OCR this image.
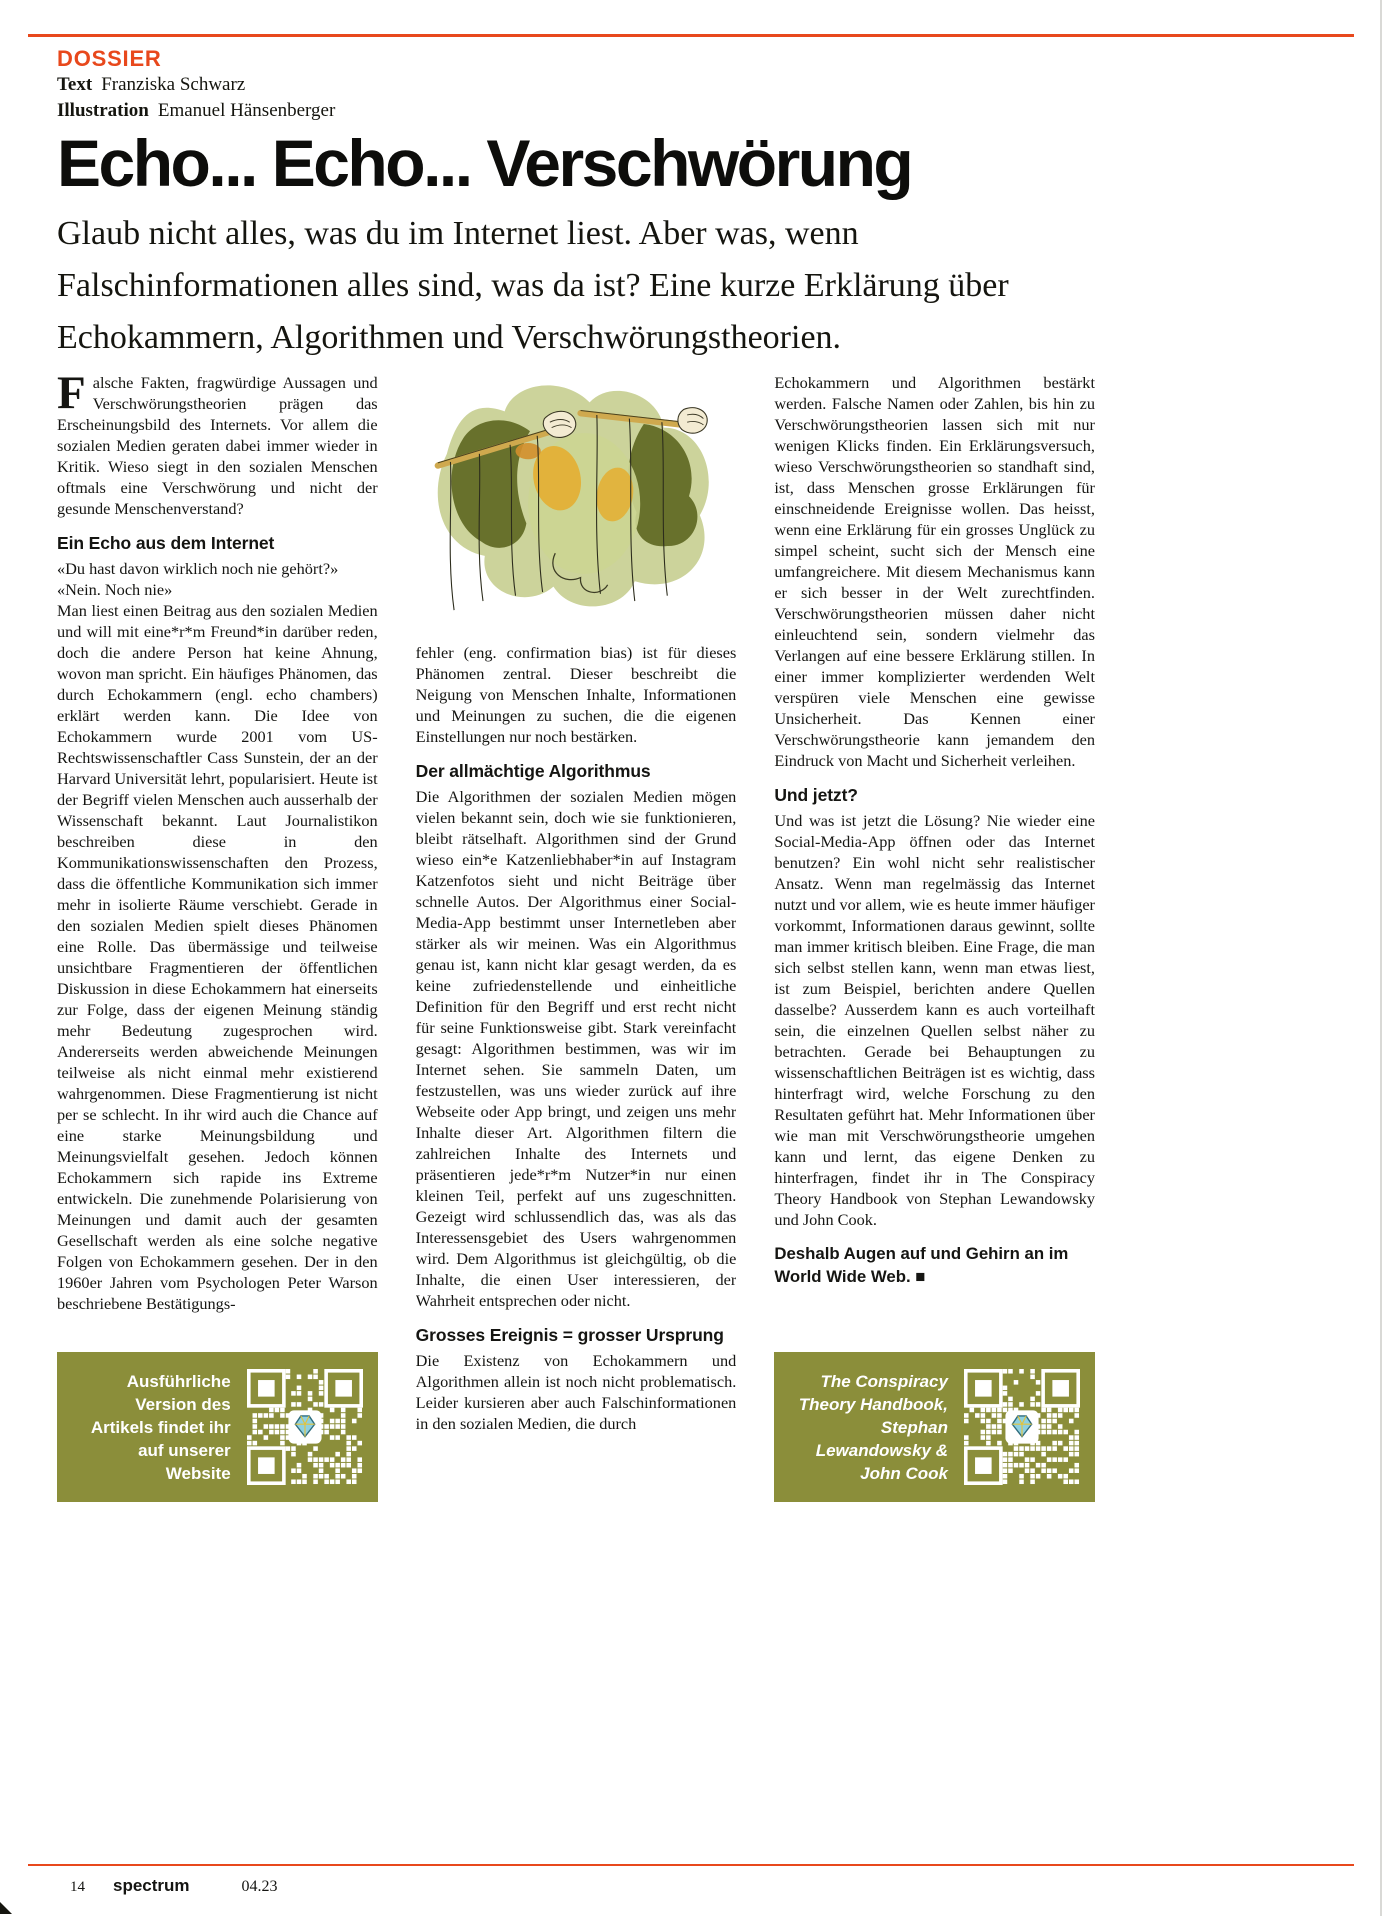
DOSSIER
Text Franziska Schwarz
Illustration Emanuel Hänsenberger
Echo... Echo... Verschwörung

Glaub nicht alles, was du im Internet liest. Aber was, wenn Falschinformationen alles sind, was da ist? Eine kurze Erklärung über Echokammern, Algorithmen und Verschwörungstheorien.

Falsche Fakten, fragwürdige Aussagen und Verschwörungstheorien prägen das Erscheinungsbild des Internets. Vor allem die sozialen Medien geraten dabei immer wieder in Kritik. Wieso siegt in den sozialen Menschen oftmals eine Verschwörung und nicht der gesunde Menschenverstand?

Ein Echo aus dem Internet

«Du hast davon wirklich noch nie gehört?»

«Nein. Noch nie»

Man liest einen Beitrag aus den sozialen Medien und will mit eine*r*m Freund*in darüber reden, doch die andere Person hat keine Ahnung, wovon man spricht. Ein häufiges Phänomen, das durch Echokammern (engl. echo chambers) erklärt werden kann. Die Idee von Echokammern wurde 2001 vom US-Rechtswissenschaftler Cass Sunstein, der an der Harvard Universität lehrt, popularisiert. Heute ist der Begriff vielen Menschen auch ausserhalb der Wissenschaft bekannt. Laut Journalistikon beschreiben diese in den Kommunikationswissenschaften den Prozess, dass die öffentliche Kommunikation sich immer mehr in isolierte Räume verschiebt. Gerade in den sozialen Medien spielt dieses Phänomen eine Rolle. Das übermässige und teilweise unsichtbare Fragmentieren der öffentlichen Diskussion in diese Echokammern hat einerseits zur Folge, dass der eigenen Meinung ständig mehr Bedeutung zugesprochen wird. Andererseits werden abweichende Meinungen teilweise als nicht einmal mehr existierend wahrgenommen. Diese Fragmentierung ist nicht per se schlecht. In ihr wird auch die Chance auf eine starke Meinungsbildung und Meinungsvielfalt gesehen. Jedoch können Echokammern sich rapide ins Extreme entwickeln. Die zunehmende Polarisierung von Meinungen und damit auch der gesamten Gesellschaft werden als eine solche negative Folgen von Echokammern gesehen. Der in den 1960er Jahren vom Psychologen Peter Warson beschriebene Bestätigungs-

Ausführliche Version des Artikels findet ihr auf unserer Website

fehler (eng. confirmation bias) ist für dieses Phänomen zentral. Dieser beschreibt die Neigung von Menschen Inhalte, Informationen und Meinungen zu suchen, die die eigenen Einstellungen nur noch bestärken.

Der allmächtige Algorithmus

Die Algorithmen der sozialen Medien mögen vielen bekannt sein, doch wie sie funktionieren, bleibt rätselhaft. Algorithmen sind der Grund wieso ein*e Katzenliebhaber*in auf Instagram Katzenfotos sieht und nicht Beiträge über schnelle Autos. Der Algorithmus einer Social-Media-App bestimmt unser Internetleben aber stärker als wir meinen. Was ein Algorithmus genau ist, kann nicht klar gesagt werden, da es keine zufriedenstellende und einheitliche Definition für den Begriff und erst recht nicht für seine Funktionsweise gibt. Stark vereinfacht gesagt: Algorithmen bestimmen, was wir im Internet sehen. Sie sammeln Daten, um festzustellen, was uns wieder zurück auf ihre Webseite oder App bringt, und zeigen uns mehr Inhalte dieser Art. Algorithmen filtern die zahlreichen Inhalte des Internets und präsentieren jede*r*m Nutzer*in nur einen kleinen Teil, perfekt auf uns zugeschnitten. Gezeigt wird schlussendlich das, was als das Interessensgebiet des Users wahrgenommen wird. Dem Algorithmus ist gleichgültig, ob die Inhalte, die einen User interessieren, der Wahrheit entsprechen oder nicht.

Grosses Ereignis = grosser Ursprung

Die Existenz von Echokammern und Algorithmen allein ist noch nicht problematisch. Leider kursieren aber auch Falschinformationen in den sozialen Medien, die durch

Echokammern und Algorithmen bestärkt werden. Falsche Namen oder Zahlen, bis hin zu Verschwörungstheorien lassen sich mit nur wenigen Klicks finden. Ein Erklärungsversuch, wieso Verschwörungstheorien so standhaft sind, ist, dass Menschen grosse Erklärungen für einschneidende Ereignisse wollen. Das heisst, wenn eine Erklärung für ein grosses Unglück zu simpel scheint, sucht sich der Mensch eine umfangreichere. Mit diesem Mechanismus kann er sich besser in der Welt zurechtfinden. Verschwörungstheorien müssen daher nicht einleuchtend sein, sondern vielmehr das Verlangen auf eine bessere Erklärung stillen. In einer immer komplizierter werdenden Welt verspüren viele Menschen eine gewisse Unsicherheit. Das Kennen einer Verschwörungstheorie kann jemandem den Eindruck von Macht und Sicherheit verleihen.

Und jetzt?

Und was ist jetzt die Lösung? Nie wieder eine Social-Media-App öffnen oder das Internet benutzen? Ein wohl nicht sehr realistischer Ansatz. Wenn man regelmässig das Internet nutzt und vor allem, wie es heute immer häufiger vorkommt, Informationen daraus gewinnt, sollte man immer kritisch bleiben. Eine Frage, die man sich selbst stellen kann, wenn man etwas liest, ist zum Beispiel, berichten andere Quellen dasselbe? Ausserdem kann es auch vorteilhaft sein, die einzelnen Quellen selbst näher zu betrachten. Gerade bei Behauptungen zu wissenschaftlichen Beiträgen ist es wichtig, dass hinterfragt wird, welche Forschung zu den Resultaten geführt hat. Mehr Informationen über wie man mit Verschwörungstheorie umgehen kann und lernt, das eigene Denken zu hinterfragen, findet ihr in The Conspiracy Theory Handbook von Stephan Lewandowsky und John Cook.

Deshalb Augen auf und Gehirn an im World Wide Web. ■

The Conspiracy Theory Handbook, Stephan Lewandowsky & John Cook
14 spectrum	04.23
